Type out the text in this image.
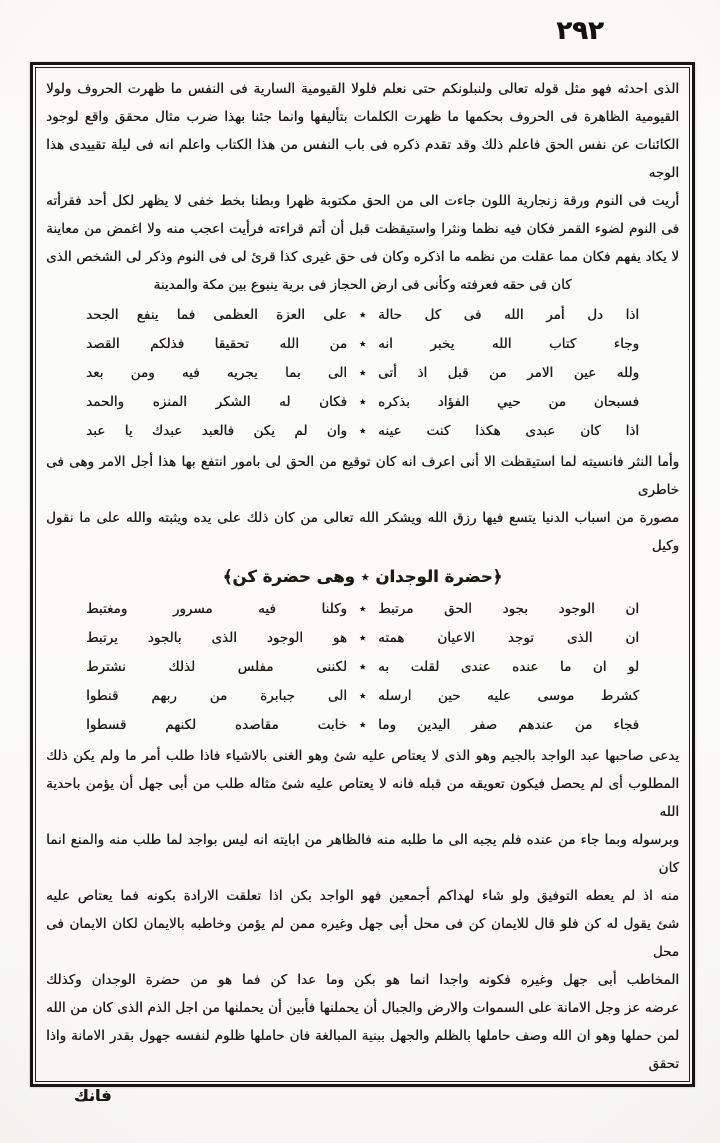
٢٩٢
الذى احدثه فهو مثل قوله تعالى ولنبلونكم حتى نعلم فلولا القيومية السارية فى النفس ما ظهرت الحروف ولولا
القيومية الظاهرة فى الحروف بحكمها ما ظهرت الكلمات بتأليفها وانما جئنا بهذا ضرب مثال محقق واقع لوجود
الكائنات عن نفس الحق فاعلم ذلك وقد تقدم ذكره فى باب النفس من هذا الكتاب واعلم انه فى ليلة تقييدى هذا الوجه
أريت فى النوم ورقة زنجارية اللون جاءت الى من الحق مكتوبة ظهرا وبطنا بخط خفى لا يظهر لكل أحد فقرأته
فى النوم لضوء القمر فكان فيه نظما ونثرا واستيقظت قبل أن أتم قراءته فرأيت اعجب منه ولا اغمض من معاينة
لا يكاد يفهم فكان مما عقلت من نظمه ما اذكره وكان فى حق غيرى كذا قرئ لى فى النوم وذكر لى الشخص الذى
كان فى حقه فعرفته وكأنى فى ارض الحجاز فى برية ينبوع بين مكة والمدينة
اذا دل أمر الله فى كل حالة
٭
على العزة العظمى فما ينفع الجحد
وجاء كتاب الله يخبر انه
٭
من الله تحقيقا فذلكم القصد
ولله عين الامر من قبل اذ أتى
٭
الى بما يجريه فيه ومن بعد
فسبحان من حيي الفؤاد بذكره
٭
فكان له الشكر المنزه والحمد
اذا كان عبدى هكذا كنت عينه
٭
وان لم يكن فالعبد عبدك يا عبد
وأما النثر فانسيته لما استيقظت الا أنى اعرف انه كان توقيع من الحق لى بامور انتفع بها هذا أجل الامر وهى فى خاطرى
مصورة من اسباب الدنيا يتسع فيها رزق الله ويشكر الله تعالى من كان ذلك على يده ويثبته والله على ما نقول وكيل
﴿حضرة الوجدان ٭ وهى حضرة كن﴾
ان الوجود بجود الحق مرتبط
٭
وكلنا فيه مسرور ومغتبط
ان الذى توجد الاعيان همته
٭
هو الوجود الذى بالجود يرتبط
لو ان ما عنده عندى لقلت به
٭
لكننى مفلس لذلك نشترط
كشرط موسى عليه حين ارسله
٭
الى جبابرة من ربهم قنطوا
فجاء من عندهم صفر اليدين وما
٭
خابت مقاصده لكنهم قسطوا
يدعى صاحبها عبد الواجد بالجيم وهو الذى لا يعتاص عليه شئ وهو الغنى بالاشياء فاذا طلب أمر ما ولم يكن ذلك
المطلوب أى لم يحصل فيكون تعويقه من قبله فانه لا يعتاص عليه شئ مثاله طلب من أبى جهل أن يؤمن باحدية الله
وبرسوله وبما جاء من عنده فلم يجبه الى ما طلبه منه فالظاهر من ابايته انه ليس بواجد لما طلب منه والمنع انما كان
منه اذ لم يعطه التوفيق ولو شاء لهداكم أجمعين فهو الواجد بكن اذا تعلقت الارادة بكونه فما يعتاص عليه
شئ يقول له كن فلو قال للايمان كن فى محل أبى جهل وغيره ممن لم يؤمن وخاطبه بالايمان لكان الايمان فى محل
المخاطب أبى جهل وغيره فكونه واجدا انما هو بكن وما عدا كن فما هو من حضرة الوجدان وكذلك
عرضه عز وجل الامانة على السموات والارض والجبال أن يحملنها فأبين أن يحملنها من اجل الذم الذى كان من الله
لمن حملها وهو ان الله وصف حاملها بالظلم والجهل ببنية المبالغة فان حاملها ظلوم لنفسه جهول بقدر الامانة واذا تحقق
فانك
